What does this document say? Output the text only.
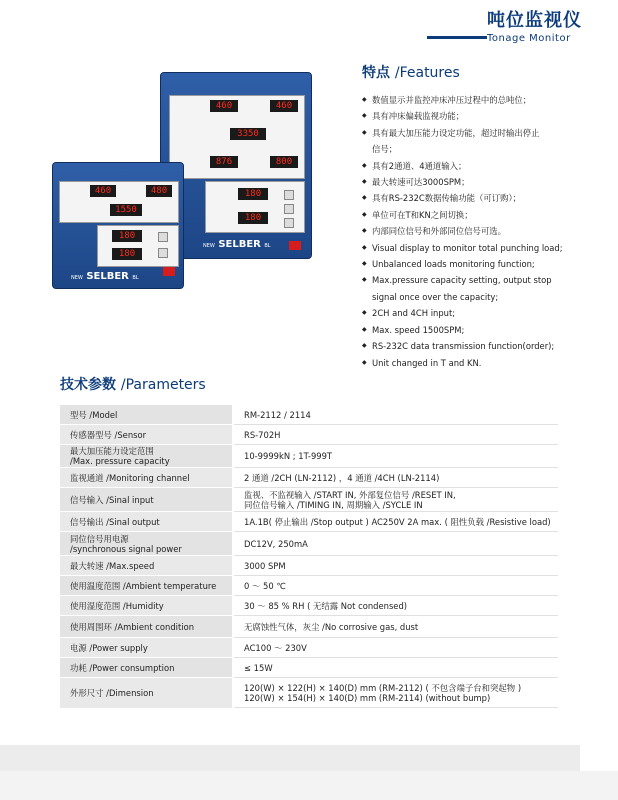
吨位监视仪
Tonage Monitor
460	460
3350
876	800
180
180
NEW SELBER BL
460	480
1550
180
180
NEW SELBER BL
特点 /Features
◆ 数值显示并监控冲床冲压过程中的总吨位；
◆ 具有冲床偏载监视功能；
◆ 具有最大加压能力设定功能，超过时输出停止
信号；
◆ 具有2通道、4通道输入；
◆ 最大转速可达3000SPM；
◆ 具有RS-232C数据传输功能（可订购）；
◆ 单位可在T和KN之间切换；
◆ 内部同位信号和外部同位信号可选。
◆ Visual display to monitor total punching load;
◆ Unbalanced loads monitoring function;
◆ Max.pressure capacity setting, output stop
signal once over the capacity;
◆ 2CH and 4CH input;
◆ Max. speed 1500SPM;
◆ RS-232C data transmission function(order);
◆ Unit changed in T and KN.
技术参数 /Parameters
型号 /Model	RM-2112 / 2114
传感器型号 /Sensor	RS-702H
最大加压能力设定范围
/Max. pressure capacity	10-9999kN ; 1T-999T
监视通道 /Monitoring channel	2 通道 /2CH (LN-2112) ，4 通道 /4CH (LN-2114)
信号输入 /Sinal input	监视、不监视输入 /START IN, 外部复位信号 /RESET IN,
同位信号输入 /TIMING IN, 周期输入 /SYCLE IN
信号输出 /Sinal output	1A.1B( 停止输出 /Stop output ) AC250V 2A max. ( 阻性负载 /Resistive load)
同位信号用电源
/synchronous signal power	DC12V, 250mA
最大转速 /Max.speed	3000 SPM
使用温度范围 /Ambient temperature	0 ～ 50 ℃
使用湿度范围 /Humidity	30 ～ 85 % RH ( 无结露 Not condensed)
使用周围环 /Ambient condition	无腐蚀性气体，灰尘 /No corrosive gas, dust
电源 /Power supply	AC100 ～ 230V
功耗 /Power consumption	≤ 15W
外形尺寸 /Dimension	120(W) × 122(H) × 140(D) mm (RM-2112) ( 不包含端子台和突起物 )
120(W) × 154(H) × 140(D) mm (RM-2114) (without bump)
